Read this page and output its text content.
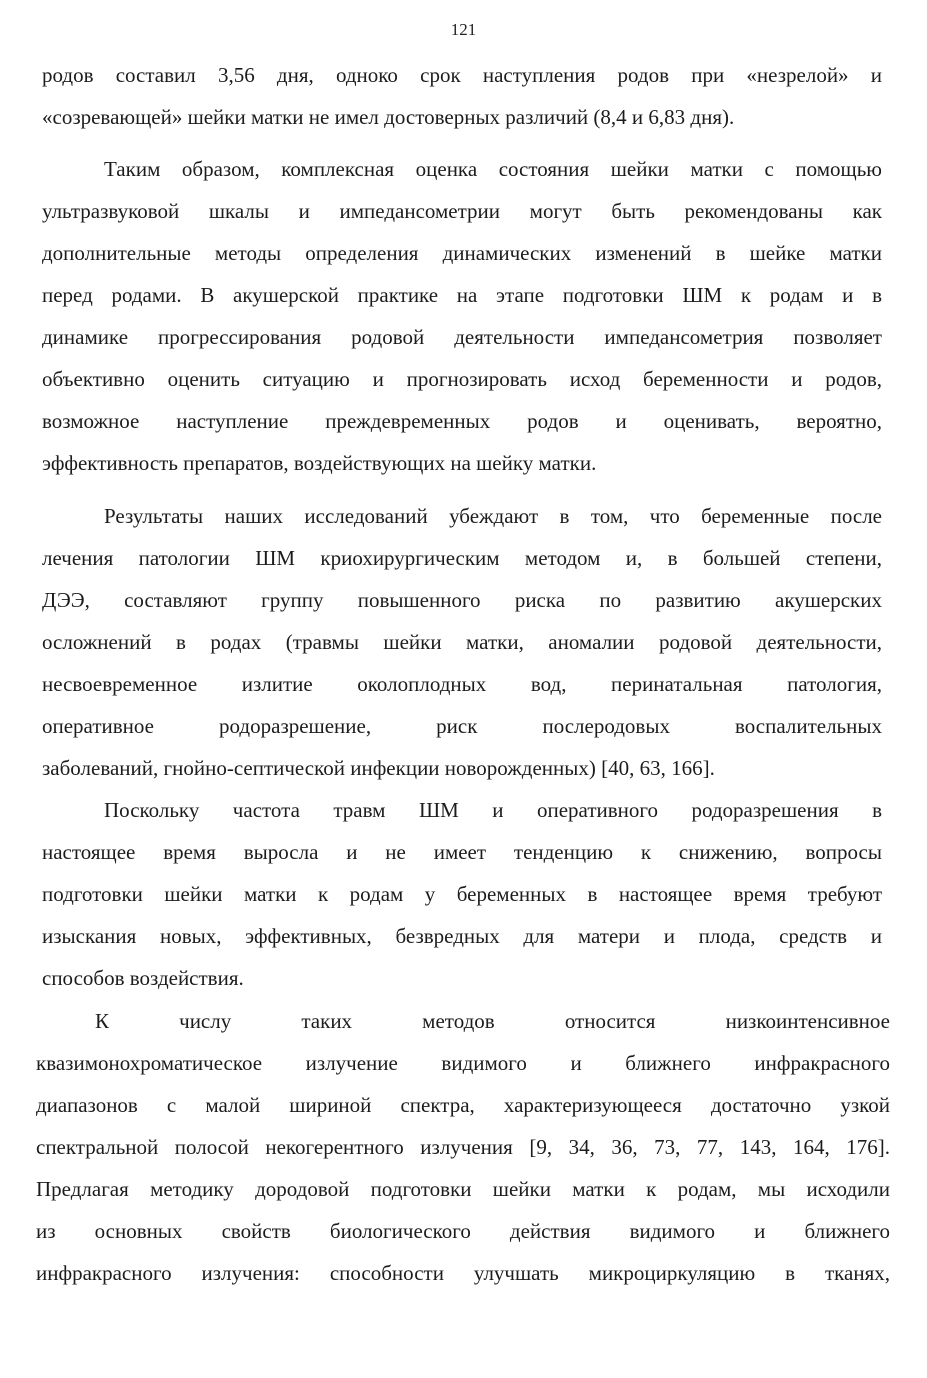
121
родов составил 3,56 дня, одноко срок наступления родов при «незрелой» и
«созревающей» шейки матки не имел достоверных различий (8,4 и 6,83 дня).
Таким образом, комплексная оценка состояния шейки матки с помощью
ультразвуковой шкалы и импедансометрии могут быть рекомендованы как
дополнительные методы определения динамических изменений в шейке матки
перед родами. В акушерской практике на этапе подготовки ШМ к родам и в
динамике прогрессирования родовой деятельности импедансометрия позволяет
объективно оценить ситуацию и прогнозировать исход беременности и родов,
возможное наступление преждевременных родов и оценивать, вероятно,
эффективность препаратов, воздействующих на шейку матки.
Результаты наших исследований убеждают в том, что беременные после
лечения патологии ШМ криохирургическим методом и, в большей степени,
ДЭЭ, составляют группу повышенного риска по развитию акушерских
осложнений в родах (травмы шейки матки, аномалии родовой деятельности,
несвоевременное излитие околоплодных вод, перинатальная патология,
оперативное родоразрешение, риск послеродовых воспалительных
заболеваний, гнойно-септической инфекции новорожденных) [40, 63, 166].
Поскольку частота травм ШМ и оперативного родоразрешения в
настоящее время выросла и не имеет тенденцию к снижению, вопросы
подготовки шейки матки к родам у беременных в настоящее время требуют
изыскания новых, эффективных, безвредных для матери и плода, средств и
способов воздействия.
К числу таких методов относится низкоинтенсивное
квазимонохроматическое излучение видимого и ближнего инфракрасного
диапазонов с малой шириной спектра, характеризующееся достаточно узкой
спектральной полосой некогерентного излучения [9, 34, 36, 73, 77, 143, 164, 176].
Предлагая методику дородовой подготовки шейки матки к родам, мы исходили
из основных свойств биологического действия видимого и ближнего
инфракрасного излучения: способности улучшать микроциркуляцию в тканях,
